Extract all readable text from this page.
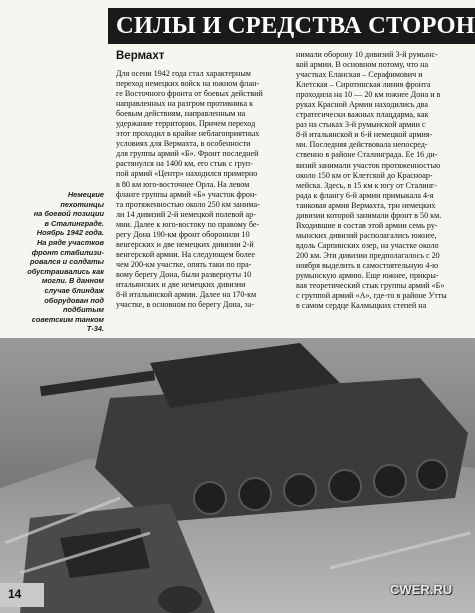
СИЛЫ И СРЕДСТВА СТОРОН
Вермахт
Немецкие
пехотинцы
на боевой позиции
в Сталинграде.
Ноябрь 1942 года.
На ряде участков
фронт стабилизи-
ровался и солдаты
обустраивались как
могли. В данном
случае блиндаж
оборудован под
подбитым
советским танком
Т-34.
Для осени 1942 года стал характерным
переход немецких войск на южном флан-
ге Восточного фронта от боевых действий
направленных на разгром противника к
боевым действиям, направленным на
удержание территории. Причем переход
этот проходил в крайне неблагоприятных
условиях для Вермахта, в особенности
для группы армий «Б». Фронт последней
растянулся на 1400 км, его стык с груп-
пой армий «Центр» находился примерно
в 80 км юго-восточнее Орла. На левом
фланге группы армий «Б» участок фрон-
та протяженностью около 250 км занима-
ли 14 дивизий 2-й немецкой полевой ар-
мии. Далее к юго-востоку по правому бе-
регу Дона 190-км фронт оборонили 10
венгерских и две немецких дивизии 2-й
венгерской армии. На следующем более
чем 200-км участке, опять таки по пра-
вому берегу Дона, были развернуты 10
итальянских и две немецких дивизии
8-й итальянской армии. Далее на 170-км
участке, в основном по берегу Дона, за-
нимали оборону 10 дивизий 3-й румынс-
кой армии. В основном потому, что на
участках Еланская – Серафимович и
Клетская – Сиротинская линия фронта
проходила на 10 — 20 км южнее Дона и в
руках Красной Армии находились два
стратегически важных плацдарма, как
раз на стыках 3-й румынской армии с
8-й итальянской и 6-й немецкой армия-
ми. Последняя действовала непосред-
ственно в районе Сталинграда. Ее 16 ди-
визий занимали участок протяженностью
около 150 км от Клетской до Красноар-
мейска. Здесь, в 15 км к югу от Сталинг-
рада к флангу 6-й армии примыкала 4-я
танковая армия Вермахта, три немецких
дивизии которой занимали фронт в 50 км.
Входившие в состав этой армии семь ру-
мынских дивизий располагались южнее,
вдоль Сарпинских озер, на участке около
200 км. Эти дивизии предполагалось с 20
ноября выделить в самостоятельную 4-ю
румынскую армию. Еще южнее, прикры-
вая теоретический стык группы армий «Б»
с группой армий «А», где-то в районе Утты
в самом сердце Калмыцких степей на
14	CWER.RU
